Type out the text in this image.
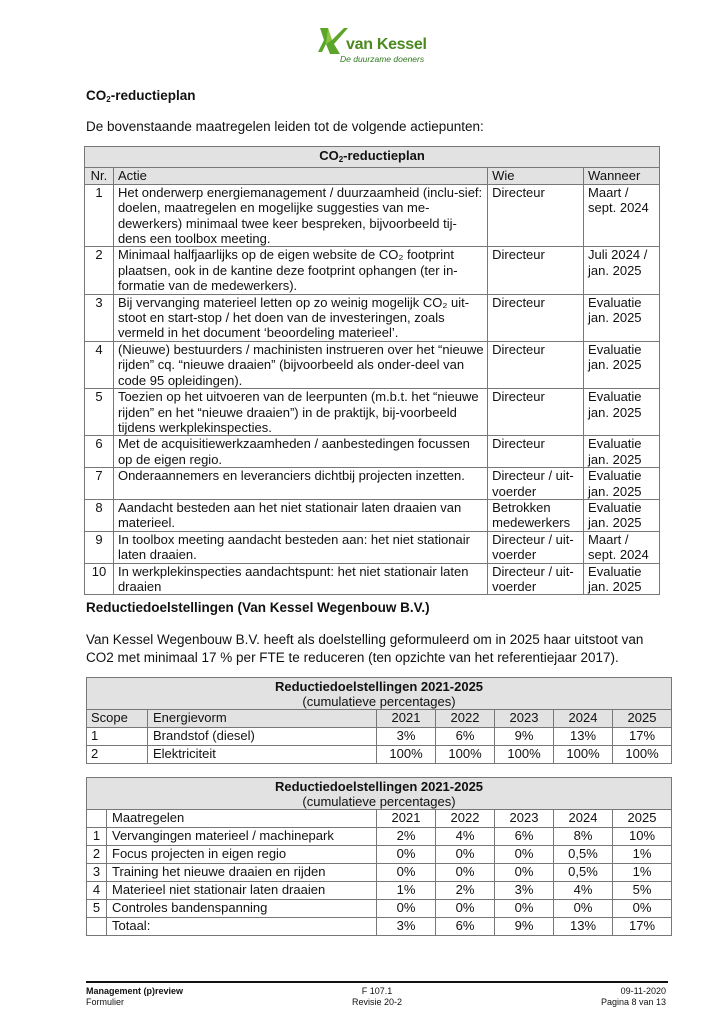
van Kessel
De duurzame doeners
$CO_2$-reductieplan
De bovenstaande maatregelen leiden tot de volgende actiepunten:
$CO_2$-reductieplan			
Nr.	Actie	Wie	Wanneer
1	Het onderwerp energiemanagement / duurzaamheid (inclu-sief: doelen, maatregelen en mogelijke suggesties van me-dewerkers) minimaal twee keer bespreken, bijvoorbeeld tij-dens een toolbox meeting.	Directeur	Maart / sept. 2024
2	Minimaal halfjaarlijks op de eigen website de CO₂ footprint plaatsen, ook in de kantine deze footprint ophangen (ter in-formatie van de medewerkers).	Directeur	Juli 2024 / jan. 2025
3	Bij vervanging materieel letten op zo weinig mogelijk CO₂ uit-stoot en start-stop / het doen van de investeringen, zoals vermeld in het document ‘beoordeling materieel’.	Directeur	Evaluatie jan. 2025
4	(Nieuwe) bestuurders / machinisten instrueren over het “nieuwe rijden” cq. “nieuwe draaien” (bijvoorbeeld als onder-deel van code 95 opleidingen).	Directeur	Evaluatie jan. 2025
5	Toezien op het uitvoeren van de leerpunten (m.b.t. het “nieuwe rijden” en het “nieuwe draaien”) in de praktijk, bij-voorbeeld tijdens werkplekinspecties.	Directeur	Evaluatie jan. 2025
6	Met de acquisitiewerkzaamheden / aanbestedingen focussen op de eigen regio.	Directeur	Evaluatie jan. 2025
7	Onderaannemers en leveranciers dichtbij projecten inzetten.	Directeur / uit-voerder	Evaluatie jan. 2025
8	Aandacht besteden aan het niet stationair laten draaien van materieel.	Betrokken medewerkers	Evaluatie jan. 2025
9	In toolbox meeting aandacht besteden aan: het niet stationair laten draaien.	Directeur / uit-voerder	Maart / sept. 2024
10	In werkplekinspecties aandachtspunt: het niet stationair laten draaien	Directeur / uit-voerder	Evaluatie jan. 2025
Reductiedoelstellingen (Van Kessel Wegenbouw B.V.)
Van Kessel Wegenbouw B.V. heeft als doelstelling geformuleerd om in 2025 haar uitstoot van CO2 met minimaal 17 % per FTE te reduceren (ten opzichte van het referentiejaar 2017).
Reductiedoelstellingen 2021-2025
(cumulatieve percentages)						
Scope	Energievorm	2021	2022	2023	2024	2025
1	Brandstof (diesel)	3%	6%	9%	13%	17%
2	Elektriciteit	100%	100%	100%	100%	100%
Reductiedoelstellingen 2021-2025
(cumulatieve percentages)						
	Maatregelen	2021	2022	2023	2024	2025
1	Vervangingen materieel / machinepark	2%	4%	6%	8%	10%
2	Focus projecten in eigen regio	0%	0%	0%	0,5%	1%
3	Training het nieuwe draaien en rijden	0%	0%	0%	0,5%	1%
4	Materieel niet stationair laten draaien	1%	2%	3%	4%	5%
5	Controles bandenspanning	0%	0%	0%	0%	0%
	Totaal:	3%	6%	9%	13%	17%
Management (p)review
Formulier
F 107.1
Revisie 20-2
09-11-2020
Pagina 8 van 13
